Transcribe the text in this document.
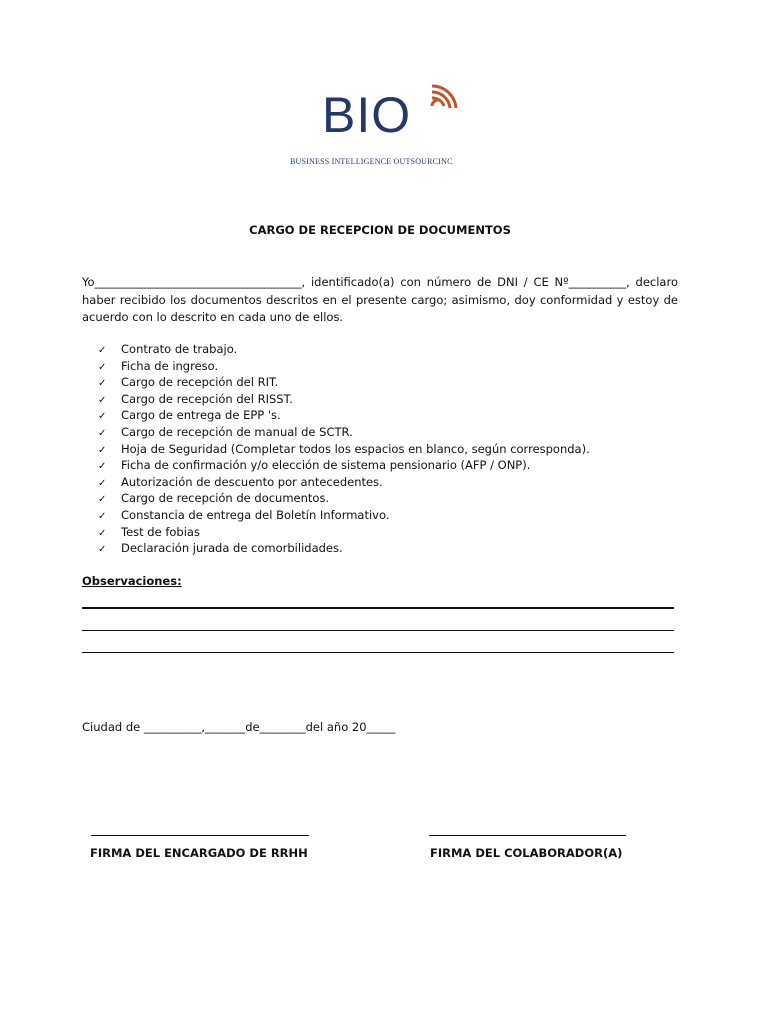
BIO
BUSINESS INTELLIGENCE OUTSOURCINC
CARGO DE RECEPCION DE DOCUMENTOS

Yo____________________________________, identificado(a) con número de DNI / CE Nº__________, declaro haber recibido los documentos descritos en el presente cargo; asimismo, doy conformidad y estoy de acuerdo con lo descrito en cada uno de ellos.

✓ Contrato de trabajo.
✓ Ficha de ingreso.
✓ Cargo de recepción del RIT.
✓ Cargo de recepción del RISST.
✓ Cargo de entrega de EPP 's.
✓ Cargo de recepción de manual de SCTR.
✓ Hoja de Seguridad (Completar todos los espacios en blanco, según corresponda).
✓ Ficha de confirmación y/o elección de sistema pensionario (AFP / ONP).
✓ Autorización de descuento por antecedentes.
✓ Cargo de recepción de documentos.
✓ Constancia de entrega del Boletín Informativo.
✓ Test de fobias
✓ Declaración jurada de comorbilidades.
Observaciones:
Ciudad de __________,_______de________del año 20_____
FIRMA DEL ENCARGADO DE RRHH	FIRMA DEL COLABORADOR(A)
